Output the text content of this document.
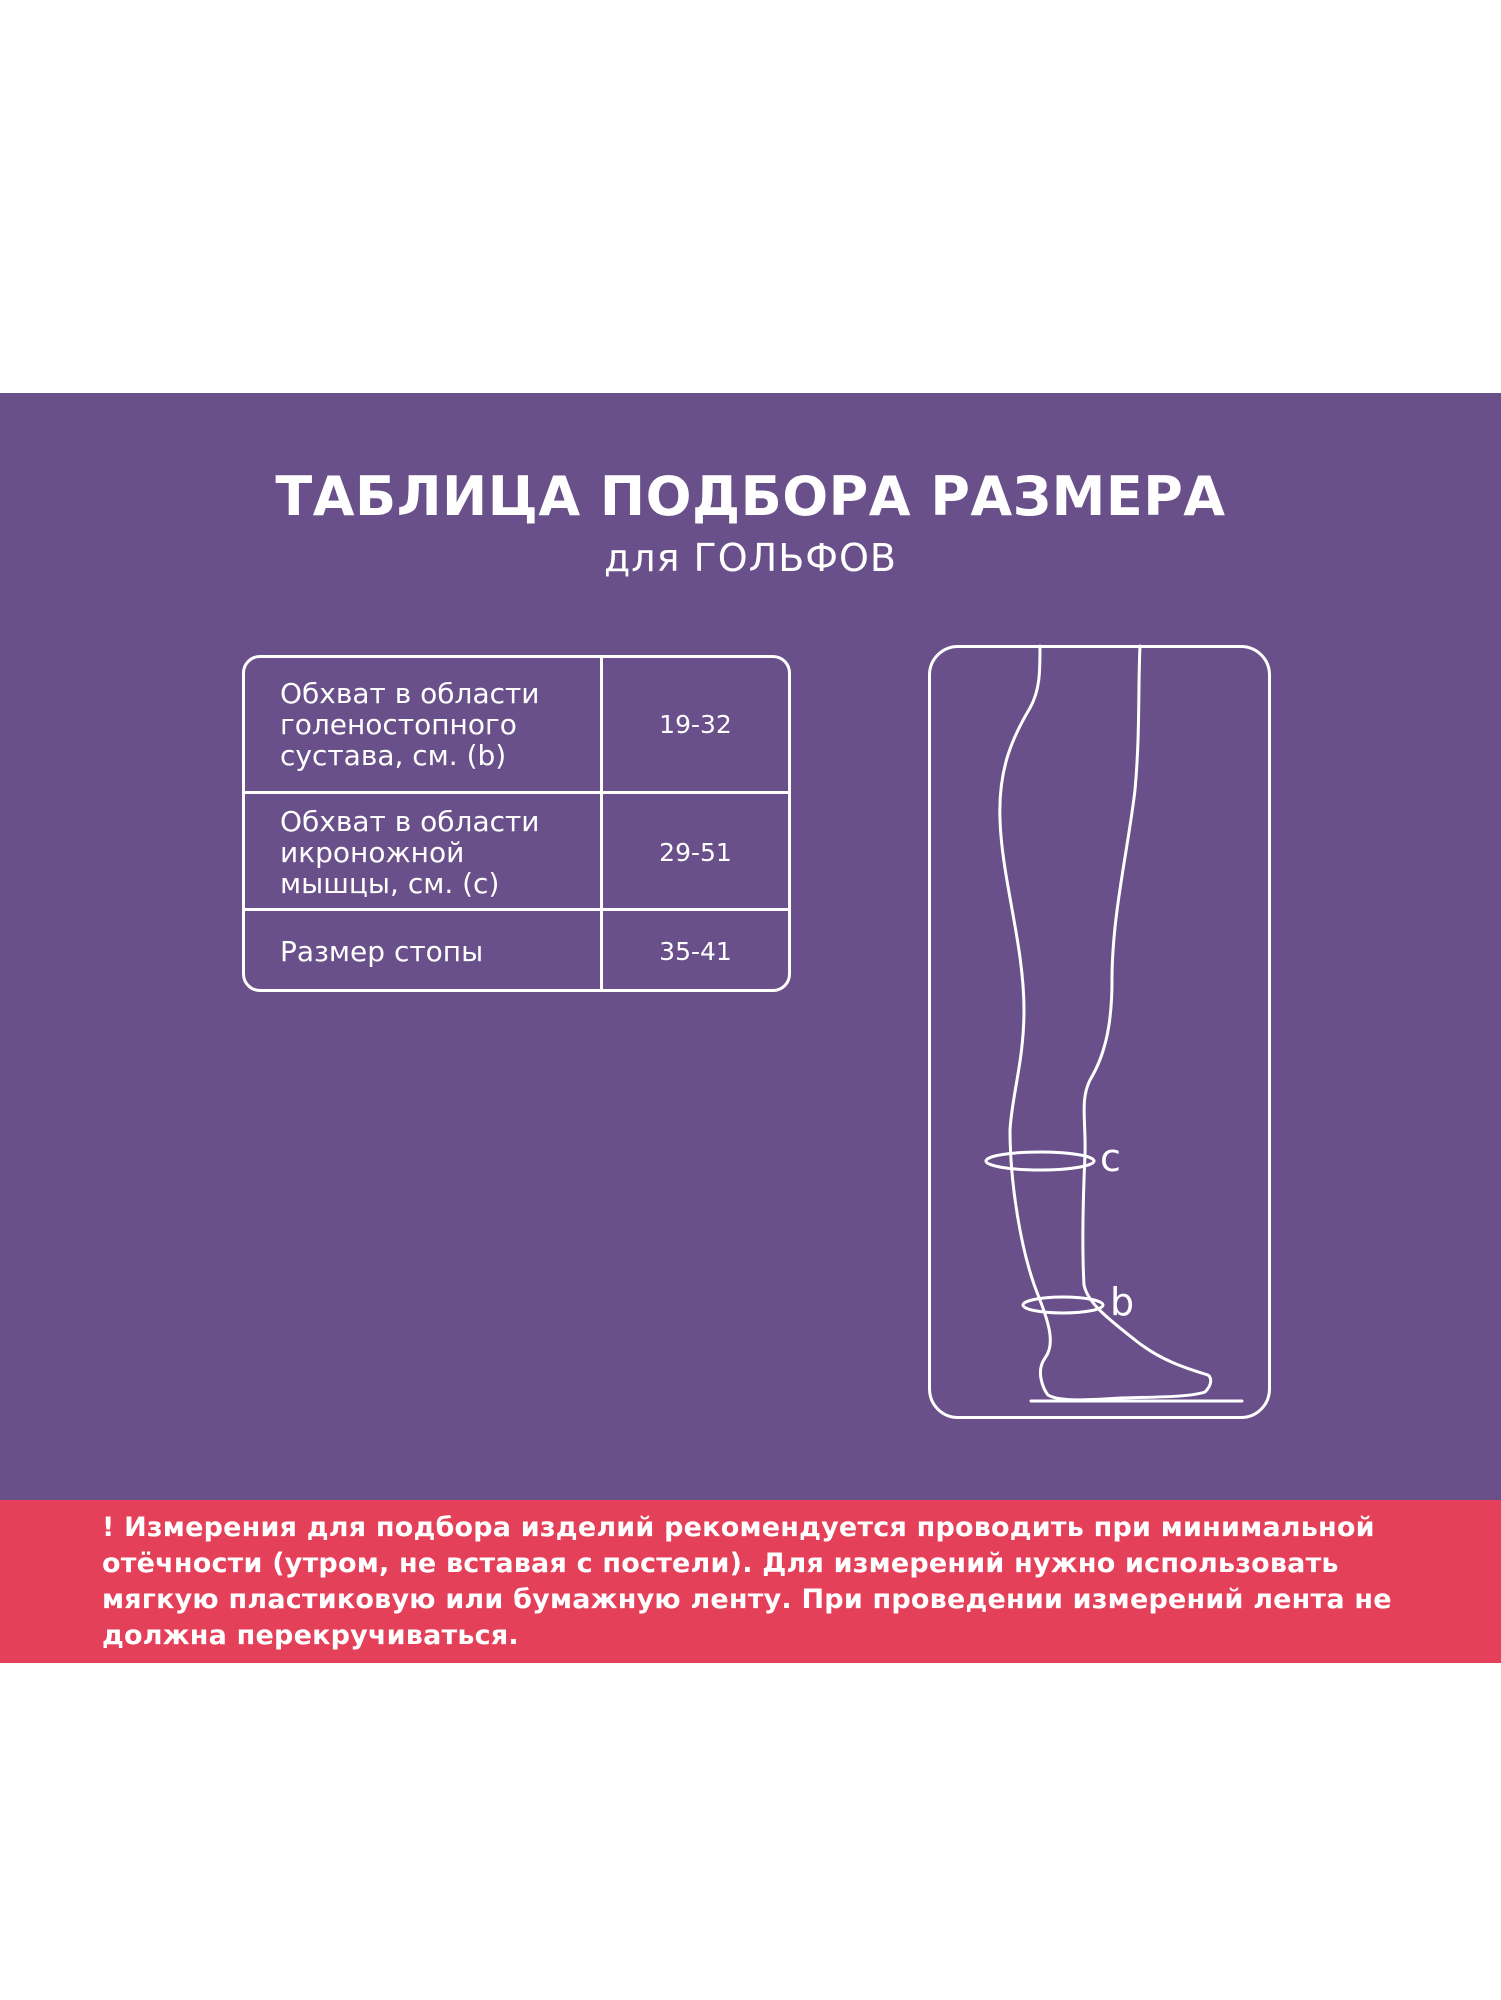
ТАБЛИЦА ПОДБОРА РАЗМЕРА
для ГОЛЬФОВ
Обхват в области
голеностопного
сустава, см. (b)
19-32
Обхват в области
икроножной
мышцы, см. (с)
29-51
Размер стопы	35-41
c
b
! Измерения для подбора изделий рекомендуется проводить при минимальной отёчности (утром, не вставая с постели). Для измерений нужно использовать мягкую пластиковую или бумажную ленту. При проведении измерений лента не должна перекручиваться.
